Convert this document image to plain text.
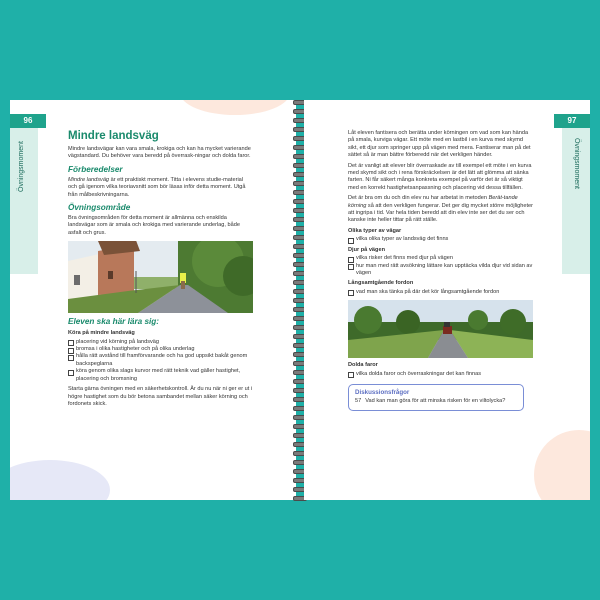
96
Övningsmoment
Mindre landsväg

Mindre landsvägar kan vara smala, krokiga och kan ha mycket varierande vägstandard. Du behöver vara beredd på överrask-ningar och dolda faror.

Förberedelser

Mindre landsväg är ett praktiskt moment. Titta i elevens studie-material och gå igenom vilka teoriavsnitt som bör läsas inför detta moment. Utgå från målbeskrivningarna.

Övningsområde

Bra övningsområden för detta moment är allmänna och enskilda landsvägar som är smala och krokiga med varierande underlag, både asfalt och grus.

Eleven ska här lära sig:
Köra på mindre landsväg
placering vid körning på landsväg
bromsa i olika hastigheter och på olika underlag
hålla rätt avstånd till framförvarande och ha god uppsikt bakåt genom backspeglarna
köra genom olika slags kurvor med rätt teknik vad gäller hastighet, placering och bromsning

Starta gärna övningen med en säkerhetskontroll. Är du nu när ni ger er ut i högre hastighet som du bör betona sambandet mellan säker körning och fordonets skick.

97
Övningsmoment

Låt eleven fantisera och berätta under körningen om vad som kan hända på smala, kurviga vägar. Ett möte med en lastbil i en kurva med skymd sikt, ett djur som springer upp på vägen med mera. Fantiserar man på det sättet så är man bättre förberedd när det verkligen händer.

Det är vanligt att elever blir överraskade av till exempel ett möte i en kurva med skymd sikt och i rena förskräckelsen är det lätt att glömma att sänka farten. Ni får säkert många konkreta exempel på varför det är så viktigt med en korrekt hastighetsanpassning och placering vid dessa tillfällen.

Det är bra om du och din elev nu har arbetat in metoden Berät-tande körning så att den verkligen fungerar. Det ger dig mycket större möjligheter att ingripa i tid. Var hela tiden beredd att din elev inte ser det du ser och kanske inte heller tittar på rätt ställe.

Olika typer av vägar
vilka olika typer av landsväg det finns
Djur på vägen
vilka risker det finns med djur på vägen
hur man med rätt avsökning lättare kan upptäcka vilda djur vid sidan av vägen
Långsamtgående fordon
vad man ska tänka på där det kör långsamtgående fordon
Dolda faror
vilka dolda faror och överraskningar det kan finnas
Diskussionsfrågor
57 Vad kan man göra för att minska risken för en viltolycka?
